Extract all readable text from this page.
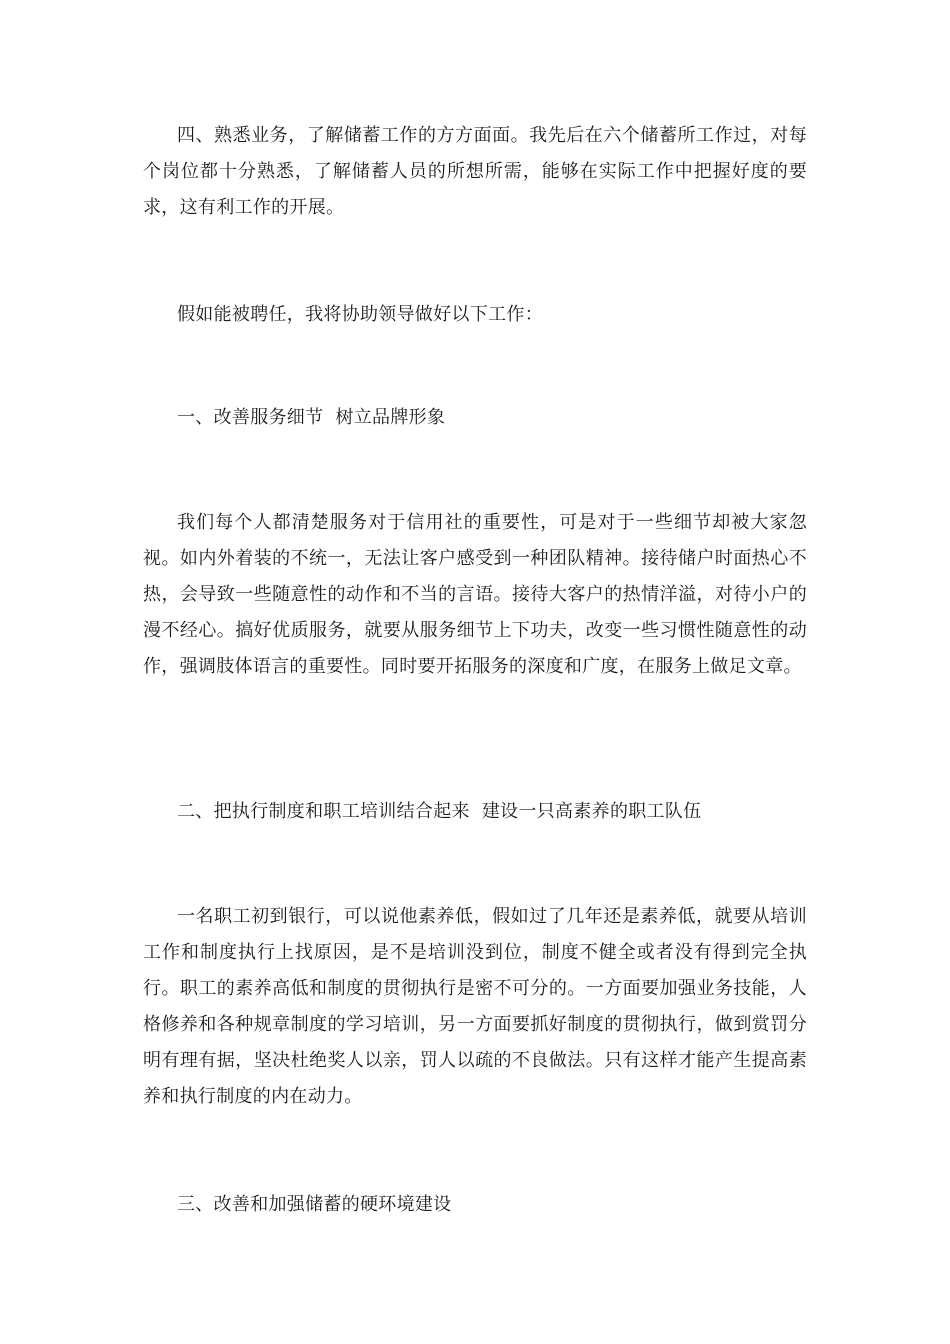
四、熟悉业务，了解储蓄工作的方方面面。我先后在六个储蓄所工作过，对每个岗位都十分熟悉，了解储蓄人员的所想所需，能够在实际工作中把握好度的要求，这有利工作的开展。

假如能被聘任，我将协助领导做好以下工作：

一、改善服务细节  树立品牌形象

我们每个人都清楚服务对于信用社的重要性，可是对于一些细节却被大家忽视。如内外着装的不统一，无法让客户感受到一种团队精神。接待储户时面热心不热，会导致一些随意性的动作和不当的言语。接待大客户的热情洋溢，对待小户的漫不经心。搞好优质服务，就要从服务细节上下功夫，改变一些习惯性随意性的动作，强调肢体语言的重要性。同时要开拓服务的深度和广度，在服务上做足文章。

二、把执行制度和职工培训结合起来  建设一只高素养的职工队伍

一名职工初到银行，可以说他素养低，假如过了几年还是素养低，就要从培训工作和制度执行上找原因，是不是培训没到位，制度不健全或者没有得到完全执行。职工的素养高低和制度的贯彻执行是密不可分的。一方面要加强业务技能，人格修养和各种规章制度的学习培训，另一方面要抓好制度的贯彻执行，做到赏罚分明有理有据，坚决杜绝奖人以亲，罚人以疏的不良做法。只有这样才能产生提高素养和执行制度的内在动力。

三、改善和加强储蓄的硬环境建设
